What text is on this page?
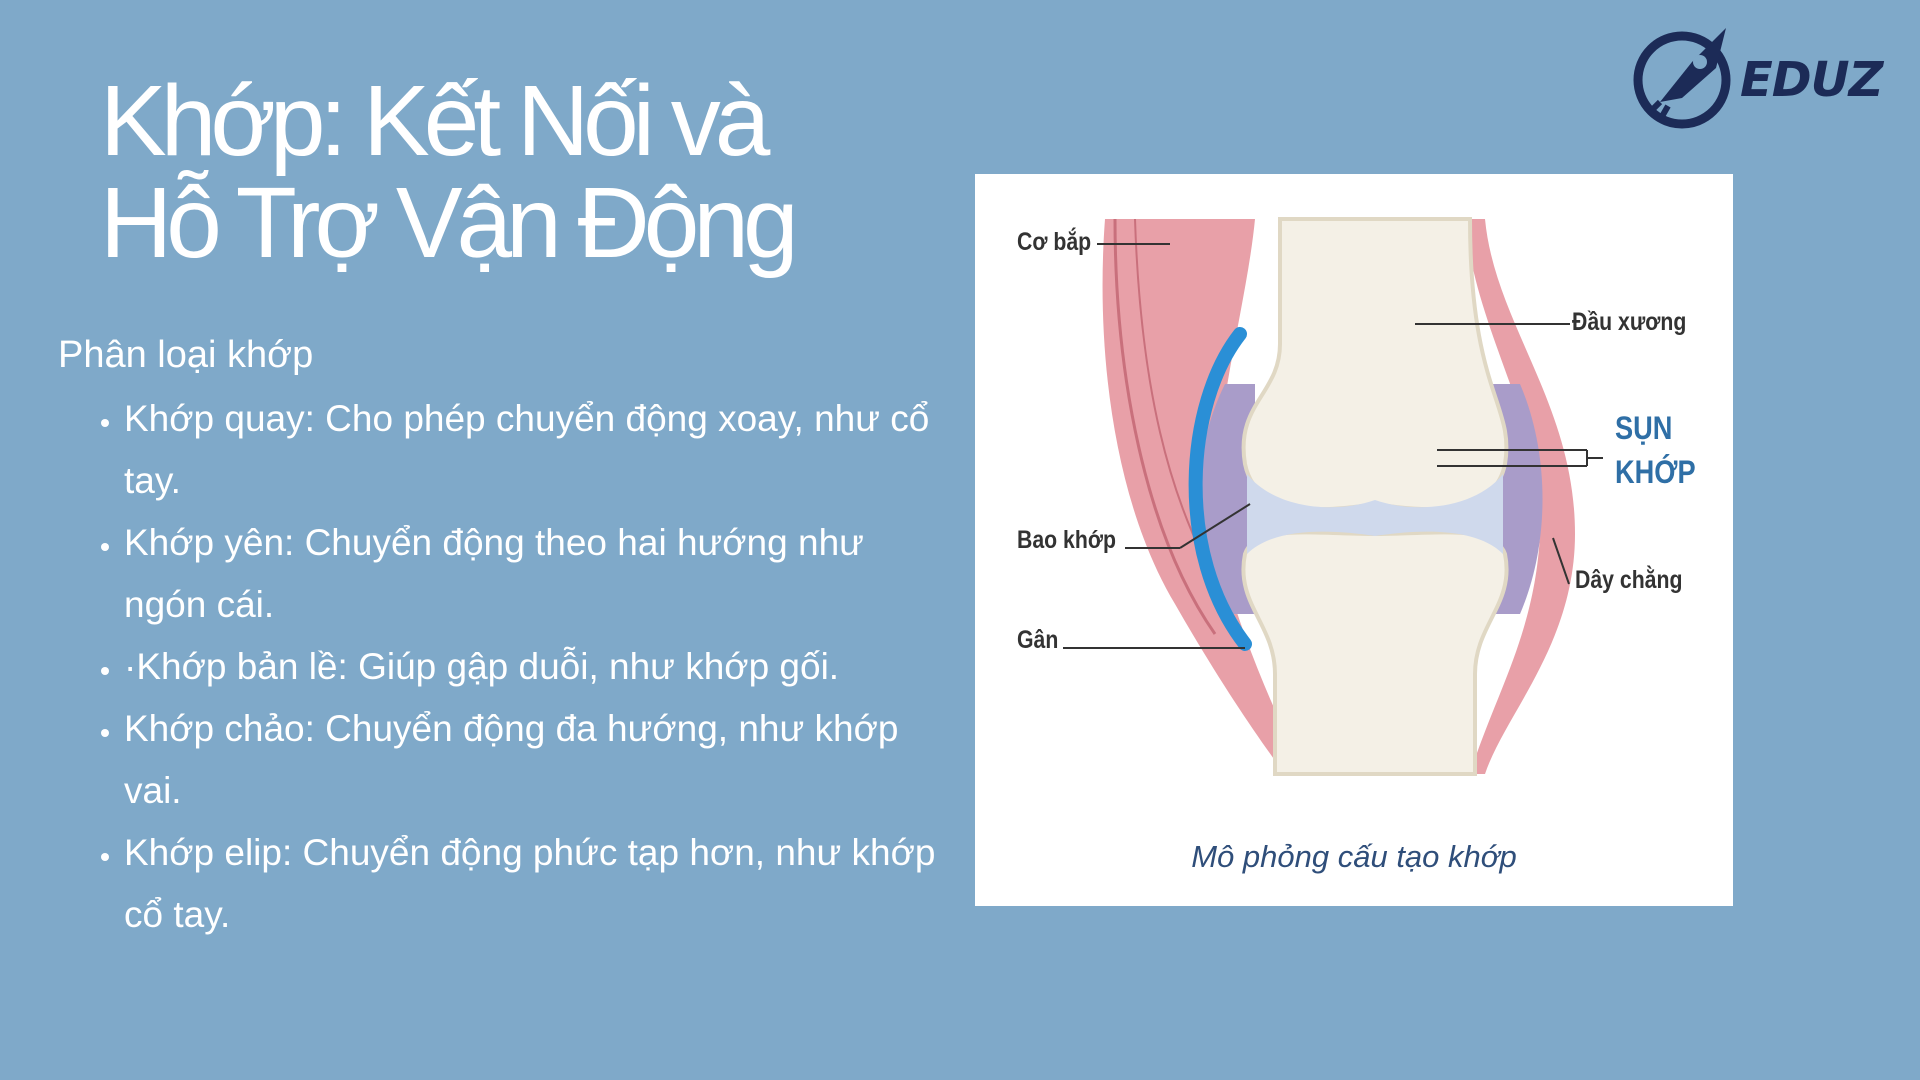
Khớp: Kết Nối và
Hỗ Trợ Vận Động

Phân loại khớp

• Khớp quay: Cho phép chuyển động xoay, như cổ tay.
• Khớp yên: Chuyển động theo hai hướng như ngón cái.
• ·Khớp bản lề: Giúp gập duỗi, như khớp gối.
• Khớp chảo: Chuyển động đa hướng, như khớp vai.
• Khớp elip: Chuyển động phức tạp hơn, như khớp cổ tay.
EDUZ
Cơ bắp
Đầu xương
SỤN
KHỚP
Bao khớp
Dây chằng
Gân
Mô phỏng cấu tạo khớp
